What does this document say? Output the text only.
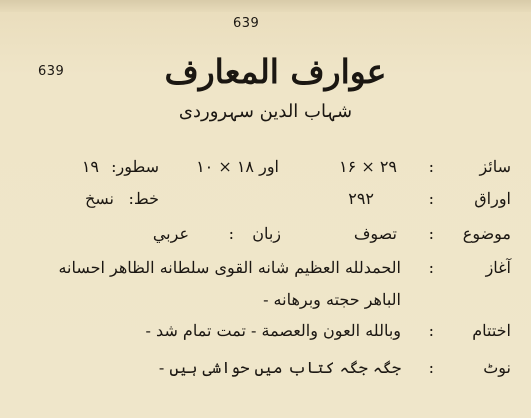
639
639	عوارف المعارف
شہاب الدین سہروردی
سائز
:
۲۹ × ۱۶
اور ۱۸ × ۱۰
سطور:
۱۹
اوراق
:
۲۹۲
خط:
نسخ
موضوع
:
تصوف
زبان
:
عربي
آغاز
:
الحمدلله العظيم شانه القوی سلطانه الظاهر احسانه
الباهر حجته وبرهانه -
اختتام
:
وبالله العون والعصمة - تمت تمام شد -
نوٹ
:
جگہ جگہ کتاب میں حواشی ہیں -
